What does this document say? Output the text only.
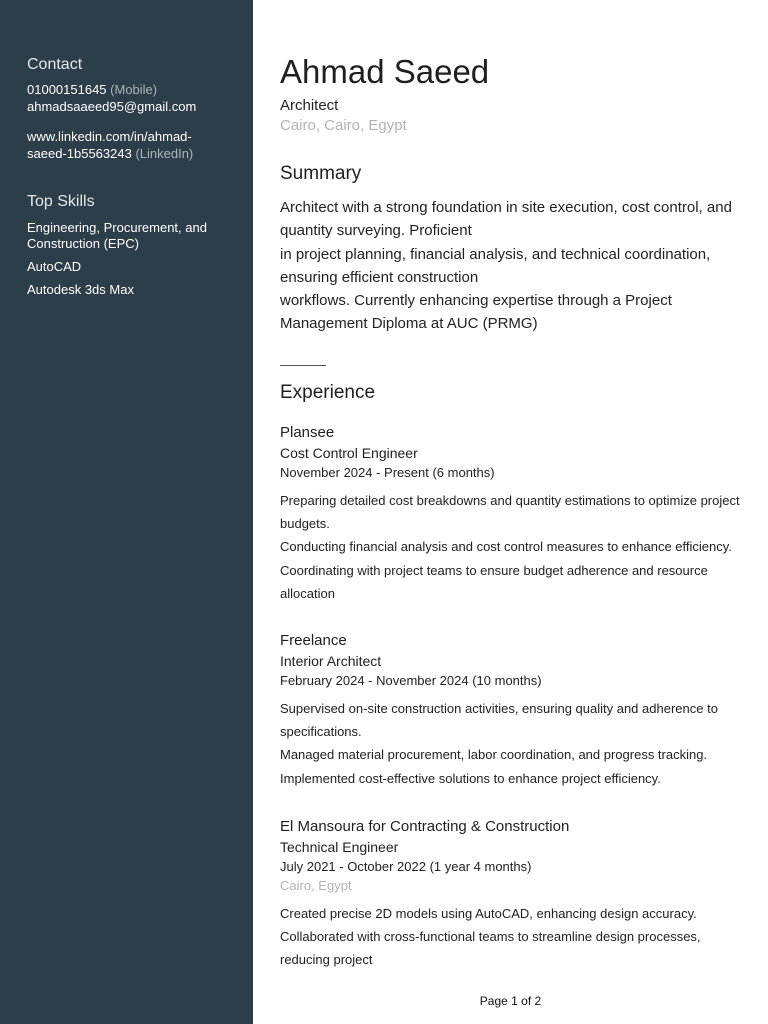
Contact
01000151645 (Mobile)
ahmadsaaeed95@gmail.com
www.linkedin.com/in/ahmad-
saeed-1b5563243 (LinkedIn)
Top Skills
Engineering, Procurement, and Construction (EPC)
AutoCAD
Autodesk 3ds Max
Ahmad Saeed
Architect
Cairo, Cairo, Egypt
Summary
Architect with a strong foundation in site execution, cost control, and quantity surveying. Proficient
in project planning, financial analysis, and technical coordination, ensuring efficient construction
workflows. Currently enhancing expertise through a Project Management Diploma at AUC (PRMG)
Experience
Plansee
Cost Control Engineer
November 2024 - Present (6 months)
Preparing detailed cost breakdowns and quantity estimations to optimize project budgets.
Conducting financial analysis and cost control measures to enhance efficiency.
Coordinating with project teams to ensure budget adherence and resource allocation
Freelance
Interior Architect
February 2024 - November 2024 (10 months)
Supervised on-site construction activities, ensuring quality and adherence to specifications.
Managed material procurement, labor coordination, and progress tracking.
Implemented cost-effective solutions to enhance project efficiency.
El Mansoura for Contracting & Construction
Technical Engineer
July 2021 - October 2022 (1 year 4 months)
Cairo, Egypt
Created precise 2D models using AutoCAD, enhancing design accuracy.
Collaborated with cross-functional teams to streamline design processes, reducing project
Page 1 of 2
